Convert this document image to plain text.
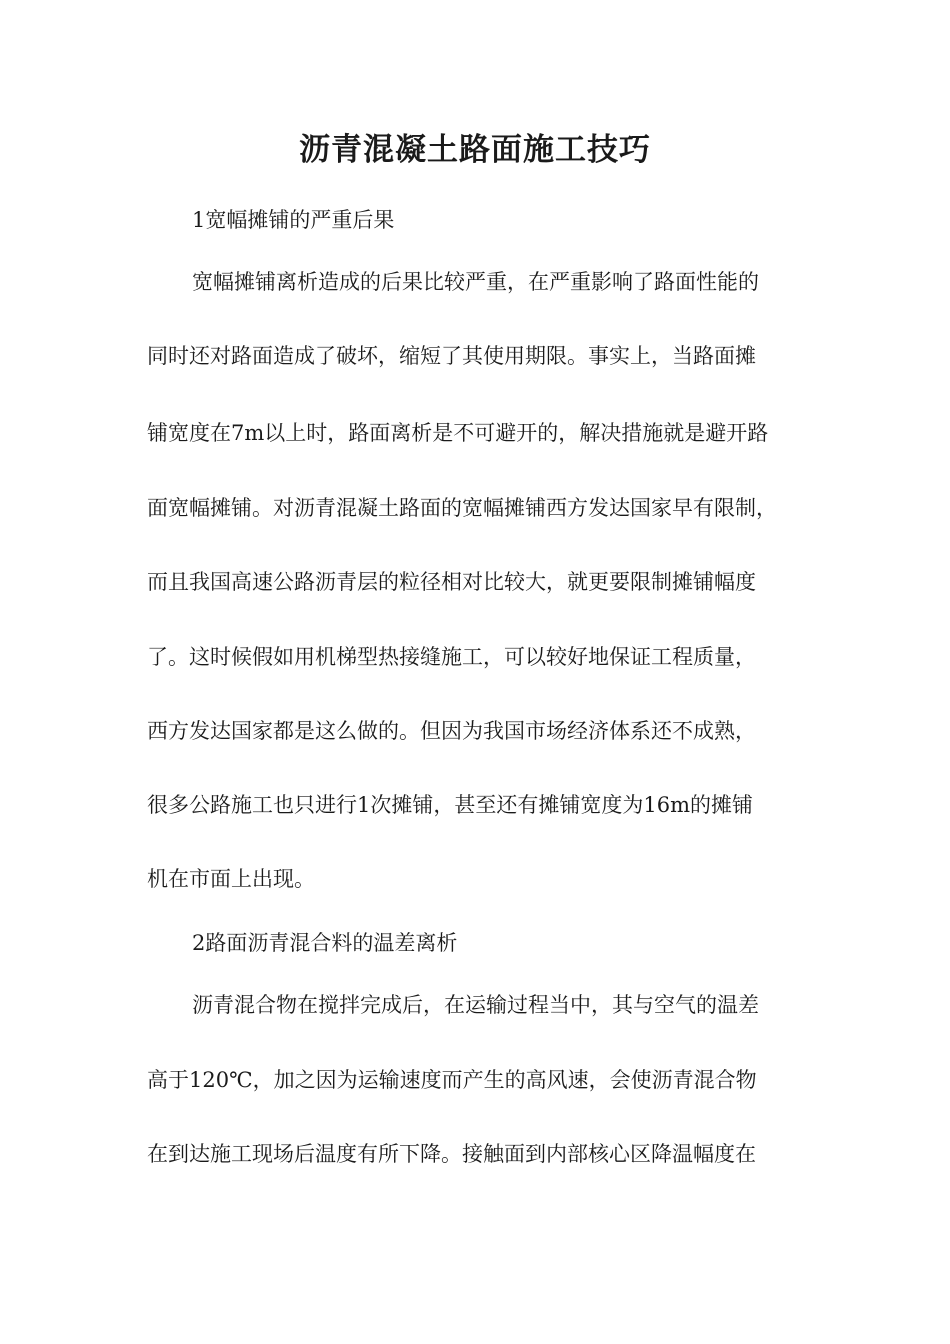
沥青混凝土路面施工技巧

1宽幅摊铺的严重后果

宽幅摊铺离析造成的后果比较严重，在严重影响了路面性能的

同时还对路面造成了破坏，缩短了其使用期限。事实上，当路面摊

铺宽度在7m以上时，路面离析是不可避开的，解决措施就是避开路

面宽幅摊铺。对沥青混凝土路面的宽幅摊铺西方发达国家早有限制，

而且我国高速公路沥青层的粒径相对比较大，就更要限制摊铺幅度

了。这时候假如用机梯型热接缝施工，可以较好地保证工程质量，

西方发达国家都是这么做的。但因为我国市场经济体系还不成熟，

很多公路施工也只进行1次摊铺，甚至还有摊铺宽度为16m的摊铺

机在市面上出现。

2路面沥青混合料的温差离析

沥青混合物在搅拌完成后，在运输过程当中，其与空气的温差

高于120℃，加之因为运输速度而产生的高风速，会使沥青混合物

在到达施工现场后温度有所下降。接触面到内部核心区降温幅度在
